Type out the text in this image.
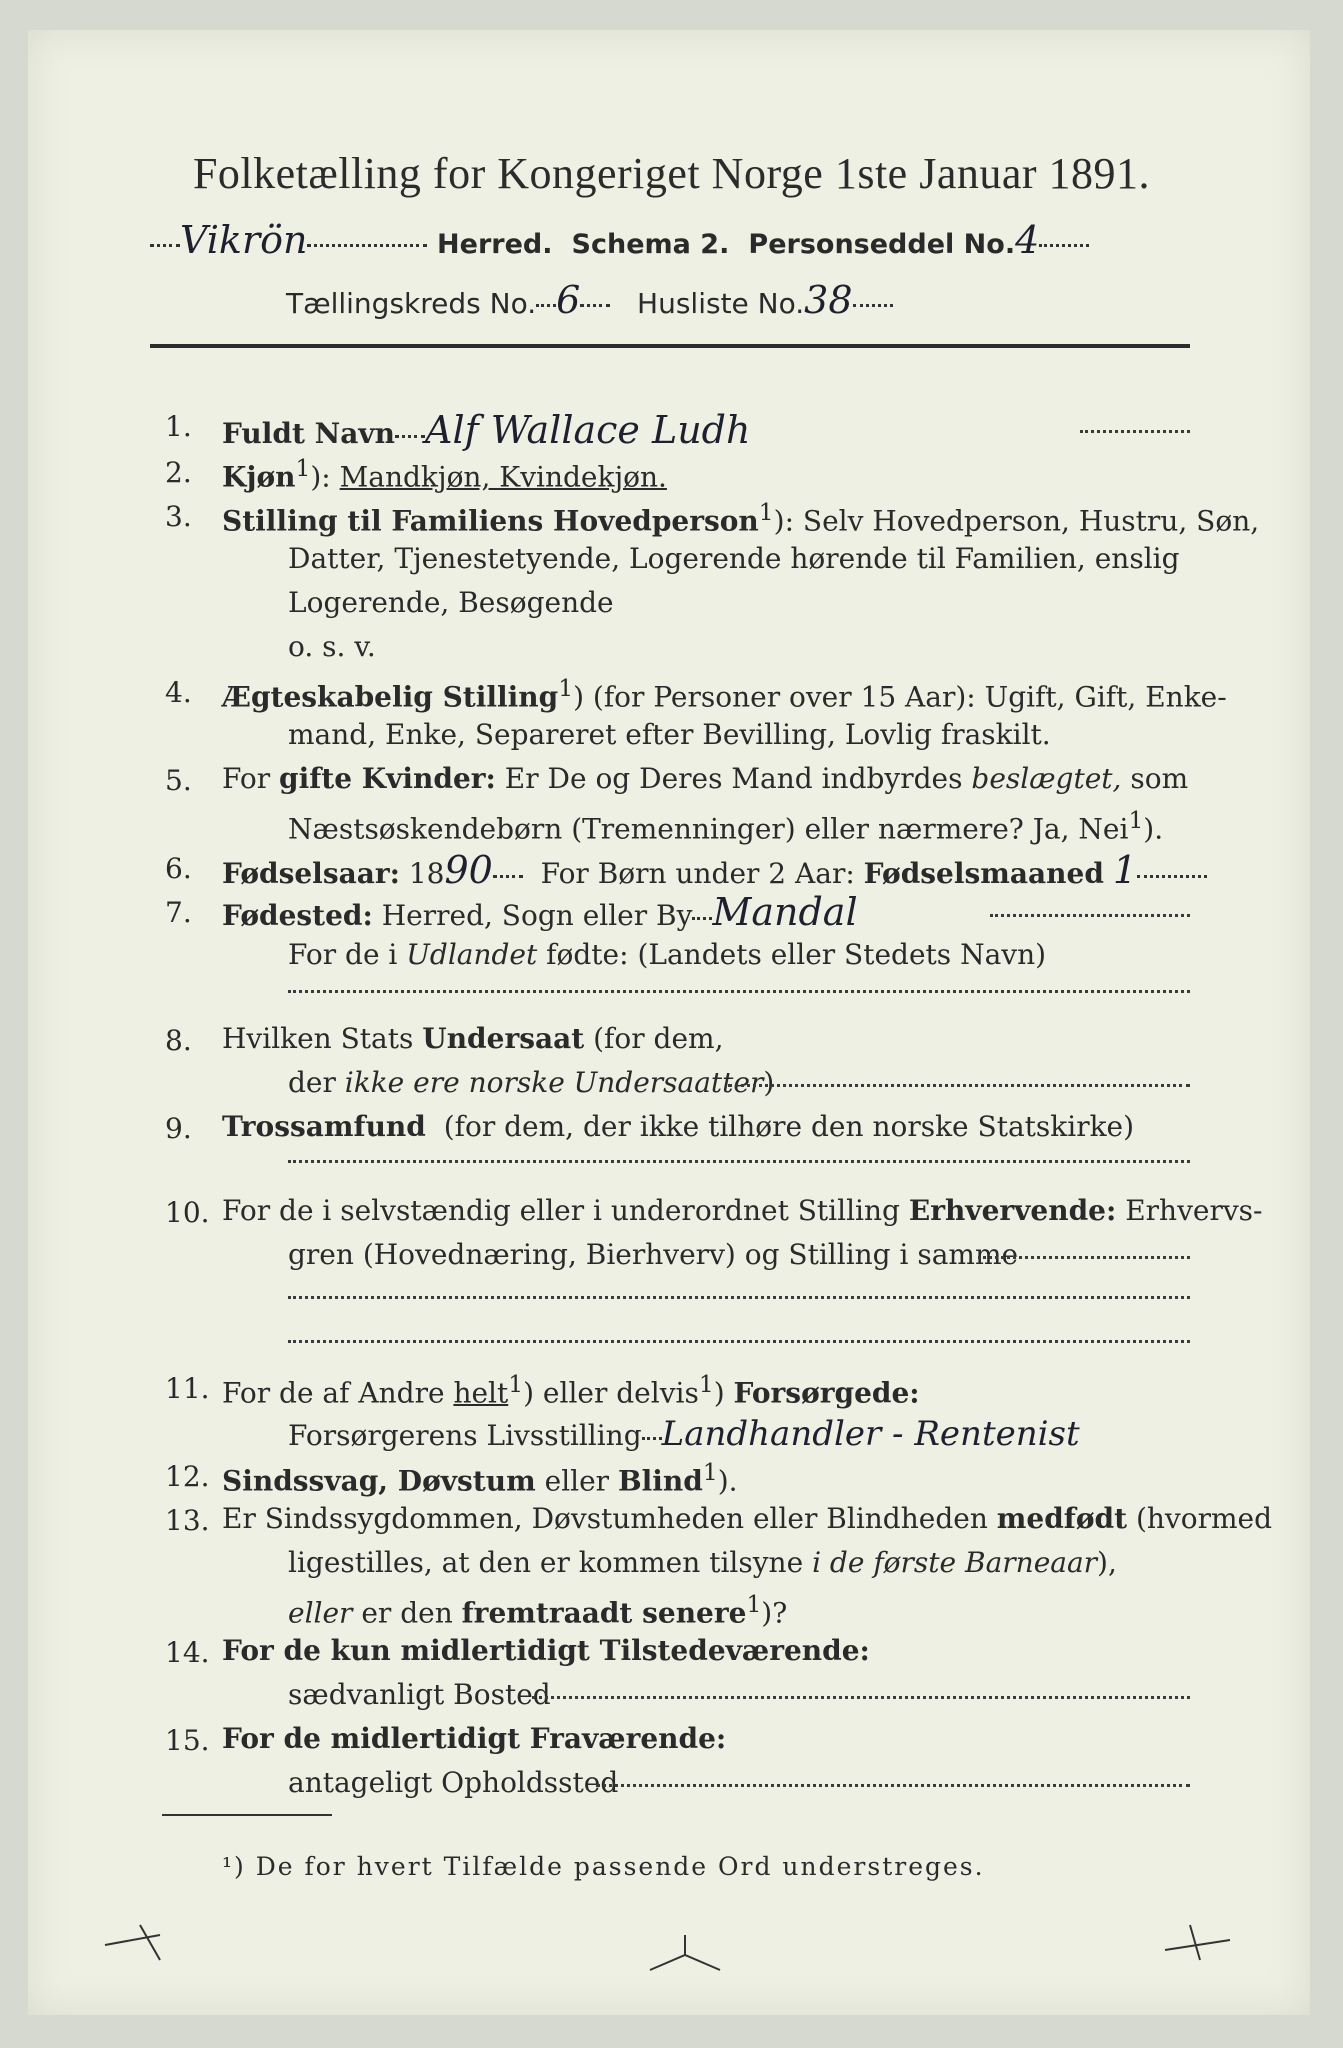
Folketælling for Kongeriget Norge 1ste Januar 1891.
Vikrön	Herred. Schema 2. Personseddel No.4
Tællingskreds No. 6 Husliste No.38
1.	Fuldt Navn Alf Wallace Ludh
2.	Kjøn$^1$): Mandkjøn, Kvindekjøn.
3.	Stilling til Familiens Hovedperson$^1$): Selv Hovedperson, Hustru, Søn,
Datter, Tjenestetyende, Logerende hørende til Familien, enslig
Logerende, Besøgende
o. s. v.
4.	Ægteskabelig Stilling$^1$) (for Personer over 15 Aar): Ugift, Gift, Enke-
mand, Enke, Separeret efter Bevilling, Lovlig fraskilt.
5.	For gifte Kvinder: Er De og Deres Mand indbyrdes beslægtet, som
Næstsøskendebørn (Tremenninger) eller nærmere? Ja, Nei$^1$).
6.	Fødselsaar: 1890 For Børn under 2 Aar: Fødselsmaaned 1
7.	Fødested: Herred, Sogn eller By Mandal
For de i Udlandet fødte: (Landets eller Stedets Navn)
8.	Hvilken Stats Undersaat (for dem,
der ikke ere norske Undersaatter)
9.	Trossamfund (for dem, der ikke tilhøre den norske Statskirke)
10. For de i selvstændig eller i underordnet Stilling Erhvervende: Erhvervs-
gren (Hovednæring, Bierhverv) og Stilling i samme
11. For de af Andre helt$^1$) eller delvis$^1$) Forsørgede:
Forsørgerens Livsstilling Landhandler - Rentenist
12. Sindssvag, Døvstum eller Blind$^1$).
13. Er Sindssygdommen, Døvstumheden eller Blindheden medfødt (hvormed
ligestilles, at den er kommen tilsyne i de første Barneaar),
eller er den fremtraadt senere$^1$)?
14. For de kun midlertidigt Tilstedeværende:
sædvanligt Bosted
15. For de midlertidigt Fraværende:
antageligt Opholdssted
¹) De for hvert Tilfælde passende Ord understreges.
